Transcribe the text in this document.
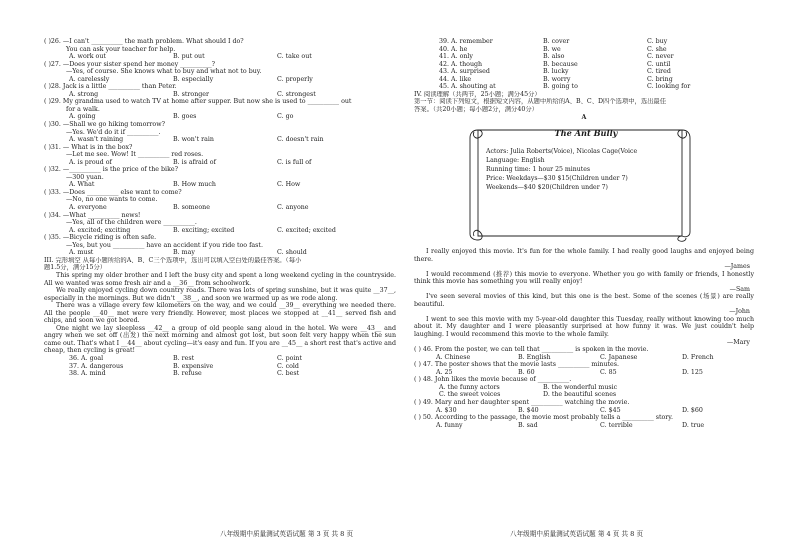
( )26. —I can't __________ the math problem. What should I do?
You can ask your teacher for help.
A. work out	B. put out	C. take out
( )27. —Does your sister spend her money __________?
—Yes, of course. She knows what to buy and what not to buy.
A. carelessly	B. especially	C. properly
( )28. Jack is a little __________ than Peter.
A. strong	B. stronger	C. strongest
( )29. My grandma used to watch TV at home after supper. But now she is used to __________ out
for a walk.
A. going	B. goes	C. go
( )30. —Shall we go hiking tomorrow?
—Yes. We'd do it if __________.
A. wasn't raining	B. won't rain	C. doesn't rain
( )31. — What is in the box?
—Let me see. Wow! It __________ red roses.
A. is proud of	B. is afraid of	C. is full of
( )32. —__________ is the price of the bike?
—300 yuan.
A. What	B. How much	C. How
( )33. —Does __________ else want to come?
—No, no one wants to come.
A. everyone	B. someone	C. anyone
( )34. —What __________ news!
—Yes, all of the children were __________.
A. excited; exciting	B. exciting; excited	C. excited; excited
( )35. —Bicycle riding is often safe.
—Yes, but you __________ have an accident if you ride too fast.
A. must	B. may	C. should
III. 完形填空 从每小题所给的A、B、C三个选项中，选出可以填入空白处的最佳答案。（每小
题1.5分，满分15分）
This spring my older brother and I left the busy city and spent a long weekend cycling in the countryside. All we wanted was some fresh air and a __36__ from schoolwork.
We really enjoyed cycling down country roads. There was lots of spring sunshine, but it was quite __37__, especially in the mornings. But we didn't __38__, and soon we warmed up as we rode along.
There was a village every few kilometers on the way, and we could __39__ everything we needed there. All the people __40__ met were very friendly. However, most places we stopped at __41__ served fish and chips, and soon we got bored.
One night we lay sleepless __42__ a group of old people sang aloud in the hotel. We were __43__ and angry when we set off (出发) the next morning and almost got lost, but soon felt very happy when the sun came out. That's what I __44__ about cycling—it's easy and fun. If you are __45__ a short rest that's active and cheap, then cycling is great!
36. A. goal	B. rest	C. point
37. A. dangerous	B. expensive	C. cold
38. A. mind	B. refuse	C. best
39. A. remember	B. cover	C. buy
40. A. he	B. we	C. she
41. A. only	B. also	C. never
42. A. though	B. because	C. until
43. A. surprised	B. lucky	C. tired
44. A. like	B. worry	C. bring
45. A. shouting at	B. going to	C. looking for
IV. 阅读理解（共两节，25小题；满分45分）
第一节：阅读下列短文，根据短文内容，从题中所给的A、B、C、D四个选项中，选出最佳
答案。（共20小题；每小题2分，满分40分）
A
The Ant Bully
Actors: Julia Roberts(Voice), Nicolas Cage(Voice
Language: English
Running time: 1 hour 25 minutes
Price: Weekdays—$30 $15(Children under 7)
Weekends—$40 $20(Children under 7)
I really enjoyed this movie. It's fun for the whole family. I had really good laughs and enjoyed being there.
—James
I would recommend (推荐) this movie to everyone. Whether you go with family or friends, I honestly think this movie has something you will really enjoy!
—Sam
I've seen several movies of this kind, but this one is the best. Some of the scenes (场景) are really beautiful.
—John
I went to see this movie with my 5-year-old daughter this Tuesday, really without knowing too much about it. My daughter and I were pleasantly surprised at how funny it was. We just couldn't help laughing. I would recommend this movie to the whole family.
—Mary
( ) 46. From the poster, we can tell that __________ is spoken in the movie.
A. Chinese	B. English	C. Japanese	D. French
( ) 47. The poster shows that the movie lasts __________ minutes.
A. 25	B. 60	C. 85	D. 125
( ) 48. John likes the movie because of __________.
A. the funny actors	B. the wonderful music
C. the sweet voices	D. the beautiful scenes
( ) 49. Mary and her daughter spent __________ watching the movie.
A. $30	B. $40	C. $45	D. $60
( ) 50. According to the passage, the movie most probably tells a __________ story.
A. funny	B. sad	C. terrible	D. true
八年级期中质量测试英语试题 第 3 页 共 8 页	八年级期中质量测试英语试题 第 4 页 共 8 页
